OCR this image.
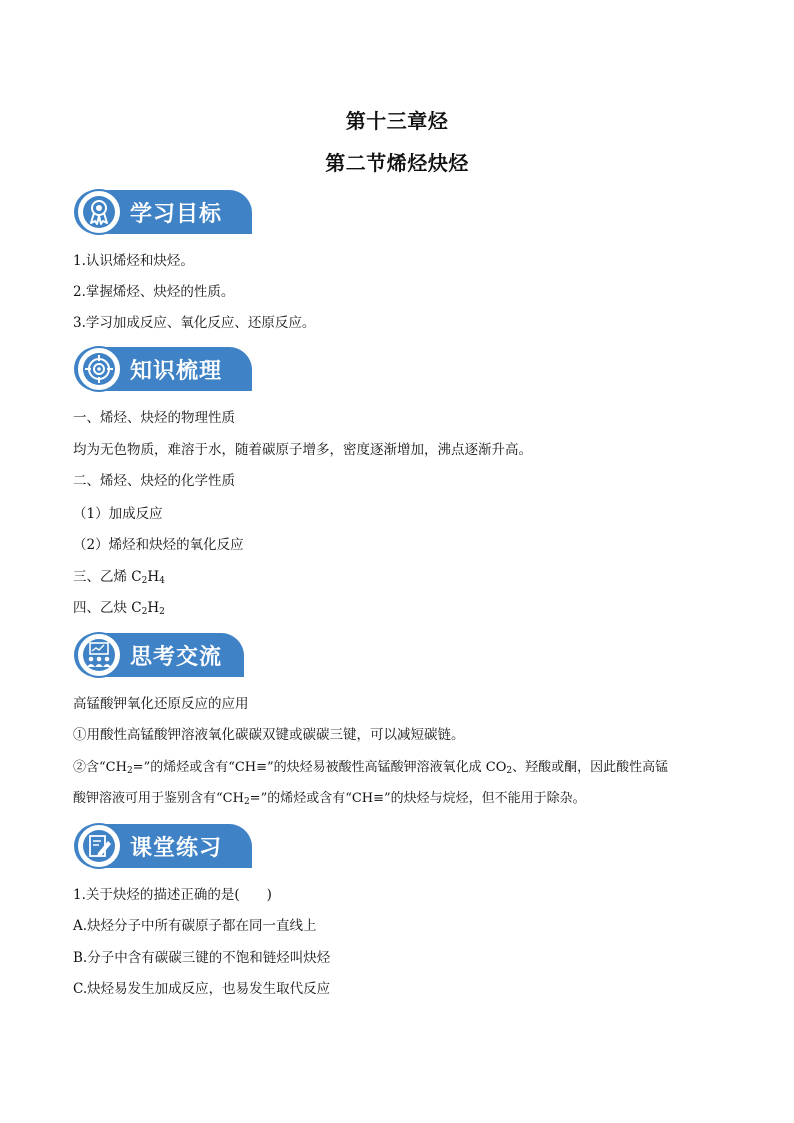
第十三章烃
第二节烯烃炔烃
学习目标
1.认识烯烃和炔烃。
2.掌握烯烃、炔烃的性质。
3.学习加成反应、氧化反应、还原反应。
知识梳理
一、烯烃、炔烃的物理性质
均为无色物质，难溶于水，随着碳原子增多，密度逐渐增加，沸点逐渐升高。
二、烯烃、炔烃的化学性质
（1）加成反应
（2）烯烃和炔烃的氧化反应
三、乙烯 $C_2H_4$
四、乙炔 $C_2H_2$
思考交流
高锰酸钾氧化还原反应的应用
①用酸性高锰酸钾溶液氧化碳碳双键或碳碳三键，可以减短碳链。
②含“$CH_2=$”的烯烃或含有“CH≡”的炔烃易被酸性高锰酸钾溶液氧化成 $CO_2$、羟酸或酮，因此酸性高锰
酸钾溶液可用于鉴别含有“$CH_2=$”的烯烃或含有“CH≡”的炔烃与烷烃，但不能用于除杂。
课堂练习
1.关于炔烃的描述正确的是(　　)
A.炔烃分子中所有碳原子都在同一直线上
B.分子中含有碳碳三键的不饱和链烃叫炔烃
C.炔烃易发生加成反应，也易发生取代反应
